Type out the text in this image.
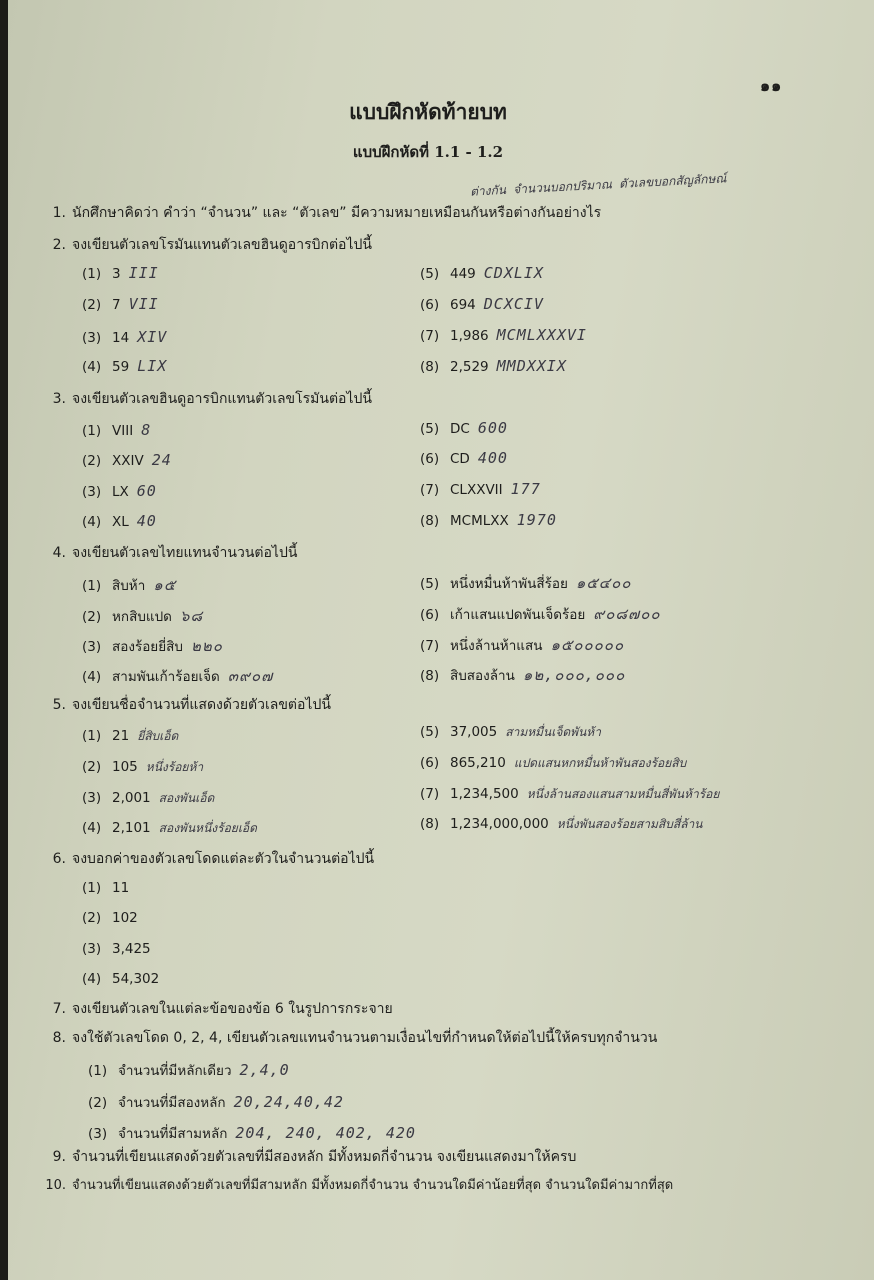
๑๑
แบบฝึกหัดท้ายบท
แบบฝึกหัดที่ 1.1 - 1.2
ต่างกัน จำนวนบอกปริมาณ ตัวเลขบอกสัญลักษณ์
1. นักศึกษาคิดว่า คำว่า “จำนวน” และ “ตัวเลข” มีความหมายเหมือนกันหรือต่างกันอย่างไร
2. จงเขียนตัวเลขโรมันแทนตัวเลขฮินดูอารบิกต่อไปนี้
(1) 3 III
(2) 7 VII
(3) 14 XIV
(4) 59 LIX
(5) 449 CDXLIX
(6) 694 DCXCIV
(7) 1,986 MCMLXXXVI
(8) 2,529 MMDXXIX
3. จงเขียนตัวเลขฮินดูอารบิกแทนตัวเลขโรมันต่อไปนี้
(1) VIII 8
(2) XXIV 24
(3) LX 60
(4) XL 40
(5) DC 600
(6) CD 400
(7) CLXXVII 177
(8) MCMLXX 1970
4. จงเขียนตัวเลขไทยแทนจำนวนต่อไปนี้
(1) สิบห้า ๑๕
(2) หกสิบแปด ๖๘
(3) สองร้อยยี่สิบ ๒๒๐
(4) สามพันเก้าร้อยเจ็ด ๓๙๐๗
(5) หนึ่งหมื่นห้าพันสี่ร้อย ๑๕๔๐๐
(6) เก้าแสนแปดพันเจ็ดร้อย ๙๐๘๗๐๐
(7) หนึ่งล้านห้าแสน ๑๕๐๐๐๐๐
(8) สิบสองล้าน ๑๒,๐๐๐,๐๐๐
5. จงเขียนชื่อจำนวนที่แสดงด้วยตัวเลขต่อไปนี้
(1) 21 ยี่สิบเอ็ด
(2) 105 หนึ่งร้อยห้า
(3) 2,001 สองพันเอ็ด
(4) 2,101 สองพันหนึ่งร้อยเอ็ด
(5) 37,005 สามหมื่นเจ็ดพันห้า
(6) 865,210 แปดแสนหกหมื่นห้าพันสองร้อยสิบ
(7) 1,234,500 หนึ่งล้านสองแสนสามหมื่นสี่พันห้าร้อย
(8) 1,234,000,000 หนึ่งพันสองร้อยสามสิบสี่ล้าน
6. จงบอกค่าของตัวเลขโดดแต่ละตัวในจำนวนต่อไปนี้
(1) 11
(2) 102
(3) 3,425
(4) 54,302
7. จงเขียนตัวเลขในแต่ละข้อของข้อ 6 ในรูปการกระจาย
8. จงใช้ตัวเลขโดด 0, 2, 4, เขียนตัวเลขแทนจำนวนตามเงื่อนไขที่กำหนดให้ต่อไปนี้ให้ครบทุกจำนวน
(1) จำนวนที่มีหลักเดียว 2,4,0
(2) จำนวนที่มีสองหลัก 20,24,40,42
(3) จำนวนที่มีสามหลัก 204, 240, 402, 420
9. จำนวนที่เขียนแสดงด้วยตัวเลขที่มีสองหลัก มีทั้งหมดกี่จำนวน จงเขียนแสดงมาให้ครบ
10. จำนวนที่เขียนแสดงด้วยตัวเลขที่มีสามหลัก มีทั้งหมดกี่จำนวน จำนวนใดมีค่าน้อยที่สุด จำนวนใดมีค่ามากที่สุด
